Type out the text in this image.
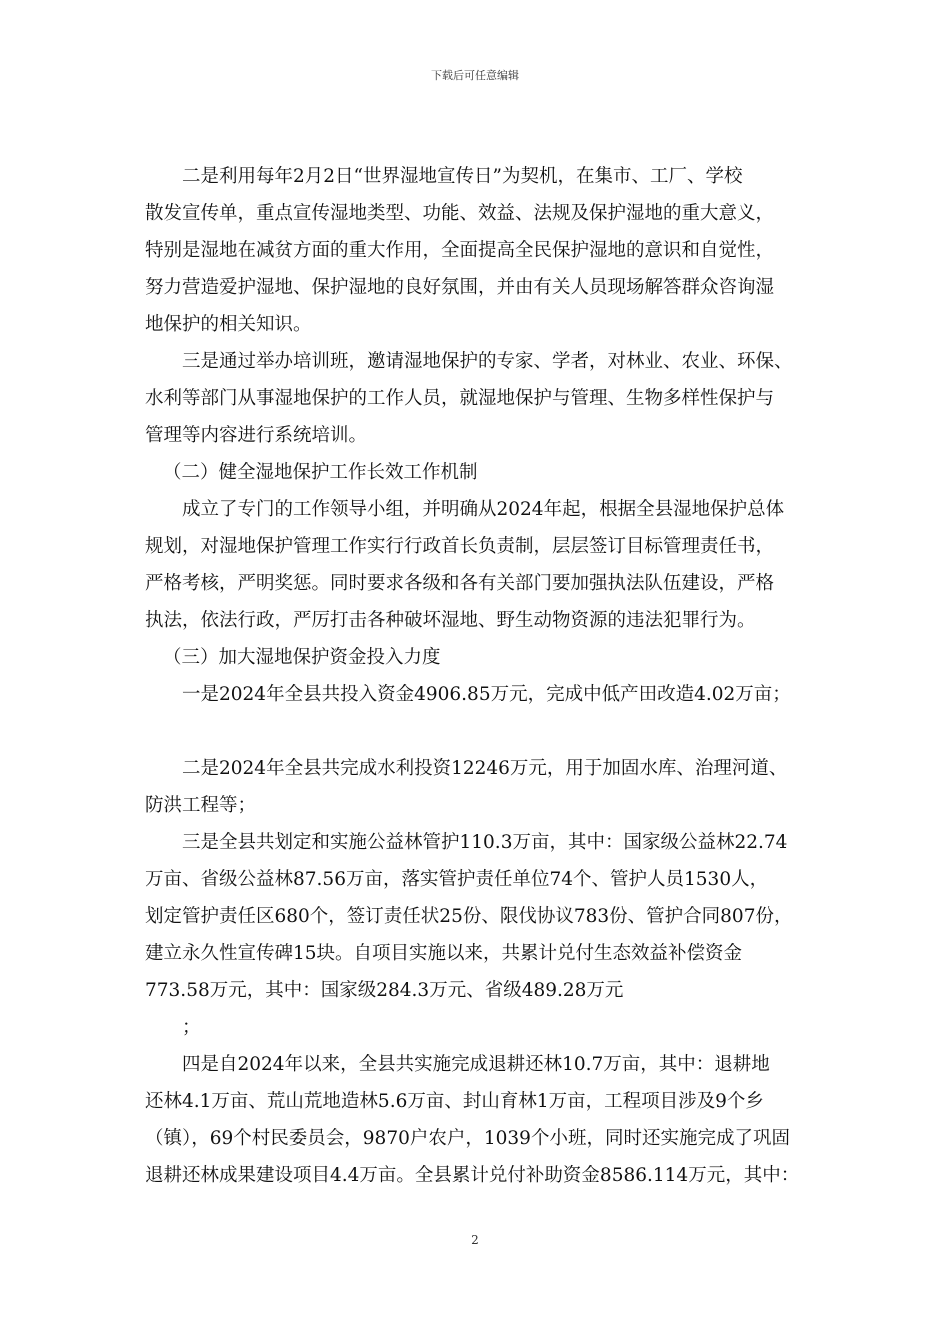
下载后可任意编辑
二是利用每年2月2日“世界湿地宣传日”为契机，在集市、工厂、学校
散发宣传单，重点宣传湿地类型、功能、效益、法规及保护湿地的重大意义，
特别是湿地在减贫方面的重大作用，全面提高全民保护湿地的意识和自觉性，
努力营造爱护湿地、保护湿地的良好氛围，并由有关人员现场解答群众咨询湿
地保护的相关知识。
三是通过举办培训班，邀请湿地保护的专家、学者，对林业、农业、环保、
水利等部门从事湿地保护的工作人员，就湿地保护与管理、生物多样性保护与
管理等内容进行系统培训。
（二）健全湿地保护工作长效工作机制
成立了专门的工作领导小组，并明确从2024年起，根据全县湿地保护总体
规划，对湿地保护管理工作实行行政首长负责制，层层签订目标管理责任书，
严格考核，严明奖惩。同时要求各级和各有关部门要加强执法队伍建设，严格
执法，依法行政，严厉打击各种破坏湿地、野生动物资源的违法犯罪行为。
（三）加大湿地保护资金投入力度
一是2024年全县共投入资金4906.85万元，完成中低产田改造4.02万亩；
二是2024年全县共完成水利投资12246万元，用于加固水库、治理河道、
防洪工程等；
三是全县共划定和实施公益林管护110.3万亩，其中：国家级公益林22.74
万亩、省级公益林87.56万亩，落实管护责任单位74个、管护人员1530人，
划定管护责任区680个，签订责任状25份、限伐协议783份、管护合同807份，
建立永久性宣传碑15块。自项目实施以来，共累计兑付生态效益补偿资金
773.58万元，其中：国家级284.3万元、省级489.28万元
；
四是自2024年以来，全县共实施完成退耕还林10.7万亩，其中：退耕地
还林4.1万亩、荒山荒地造林5.6万亩、封山育林1万亩，工程项目涉及9个乡
（镇），69个村民委员会，9870户农户，1039个小班，同时还实施完成了巩固
退耕还林成果建设项目4.4万亩。全县累计兑付补助资金8586.114万元，其中：
2
